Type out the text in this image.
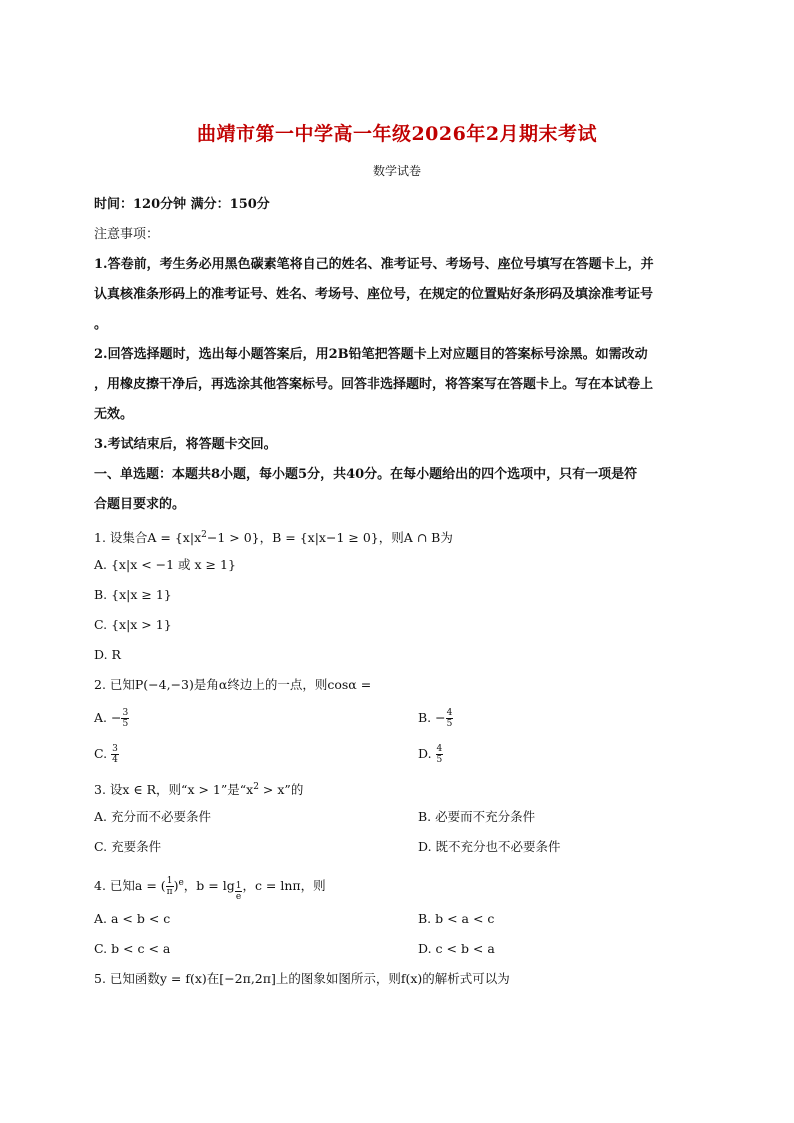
曲靖市第一中学高一年级2026年2月期末考试
数学试卷
时间：120分钟 满分：150分
注意事项：
1.答卷前，考生务必用黑色碳素笔将自己的姓名、准考证号、考场号、座位号填写在答题卡上，并
认真核准条形码上的准考证号、姓名、考场号、座位号，在规定的位置贴好条形码及填涂准考证号
。
2.回答选择题时，选出每小题答案后，用2B铅笔把答题卡上对应题目的答案标号涂黑。如需改动
，用橡皮擦干净后，再选涂其他答案标号。回答非选择题时，将答案写在答题卡上。写在本试卷上
无效。
3.考试结束后，将答题卡交回。
一、单选题：本题共8小题，每小题5分，共40分。在每小题给出的四个选项中，只有一项是符
合题目要求的。
1. 设集合$A = \{x|x^2-1 > 0\}$，B = {x|x−1 ≥ 0}，则A ∩ B为
A. {x|x < −1 或 x ≥ 1}
B. {x|x ≥ 1}
C. {x|x > 1}
D. R
2. 已知P(−4,−3)是角α终边上的一点，则cosα =
A. − $\frac{3}{5}$	B. − $\frac{4}{5}$
C. $\frac{3}{4}$	D. $\frac{4}{5}$
3. 设x ∈ R，则“x > 1”是“$x^2 > x$”的
A. 充分而不必要条件	B. 必要而不充分条件
C. 充要条件	D. 既不充分也不必要条件
4. 已知a = ( $\frac{1}{\pi} )^e$，b = lg $_{\frac{1}{e}}$ ，c = lnπ，则
A. a < b < c	B. b < a < c
C. b < c < a	D. c < b < a
5. 已知函数y = f(x)在[−2π,2π]上的图象如图所示，则f(x)的解析式可以为
